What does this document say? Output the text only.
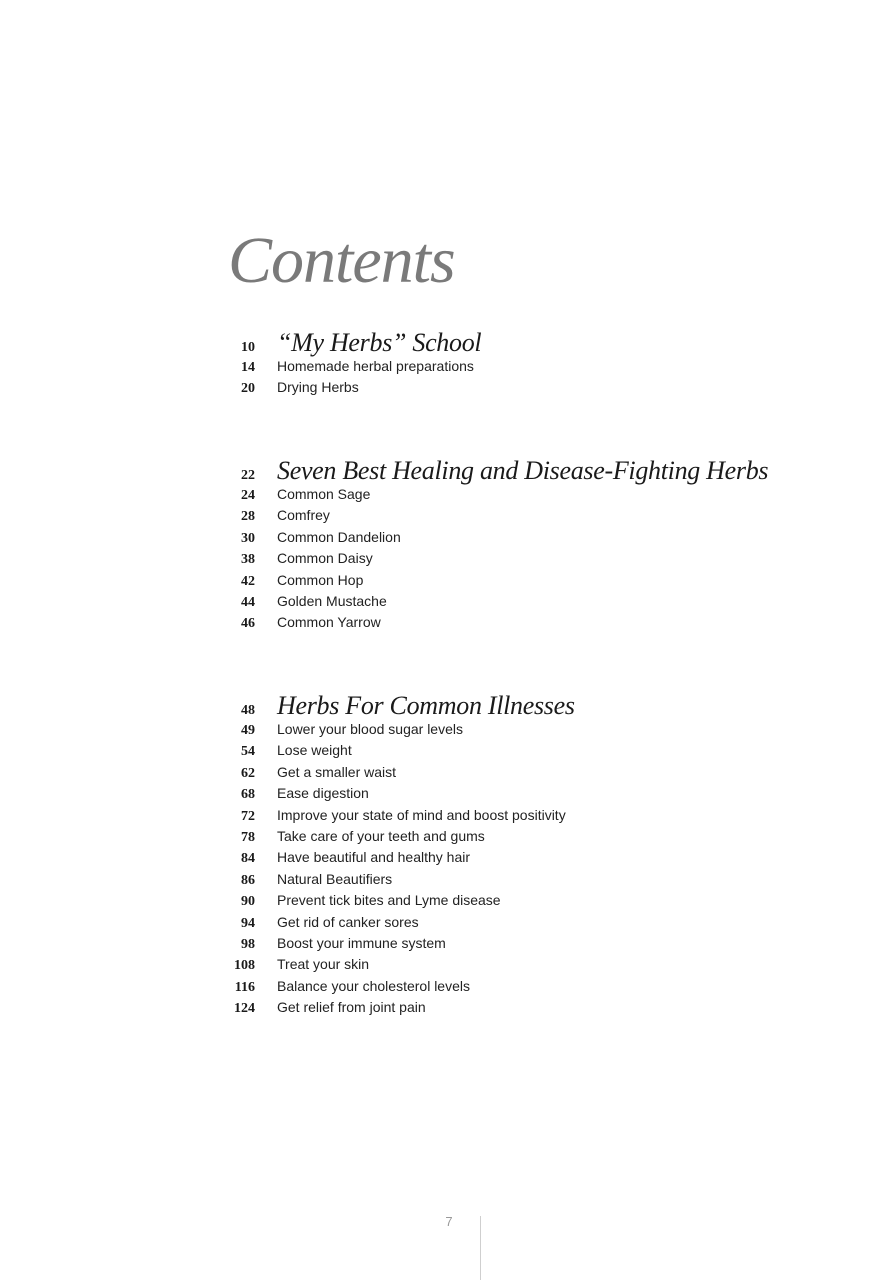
Contents
10 “My Herbs” School
14 Homemade herbal preparations
20 Drying Herbs
22 Seven Best Healing and Disease-Fighting Herbs
24 Common Sage
28 Comfrey
30 Common Dandelion
38 Common Daisy
42 Common Hop
44 Golden Mustache
46 Common Yarrow
48 Herbs For Common Illnesses
49 Lower your blood sugar levels
54 Lose weight
62 Get a smaller waist
68 Ease digestion
72 Improve your state of mind and boost positivity
78 Take care of your teeth and gums
84 Have beautiful and healthy hair
86 Natural Beautifiers
90 Prevent tick bites and Lyme disease
94 Get rid of canker sores
98 Boost your immune system
108 Treat your skin
116 Balance your cholesterol levels
124 Get relief from joint pain
7
